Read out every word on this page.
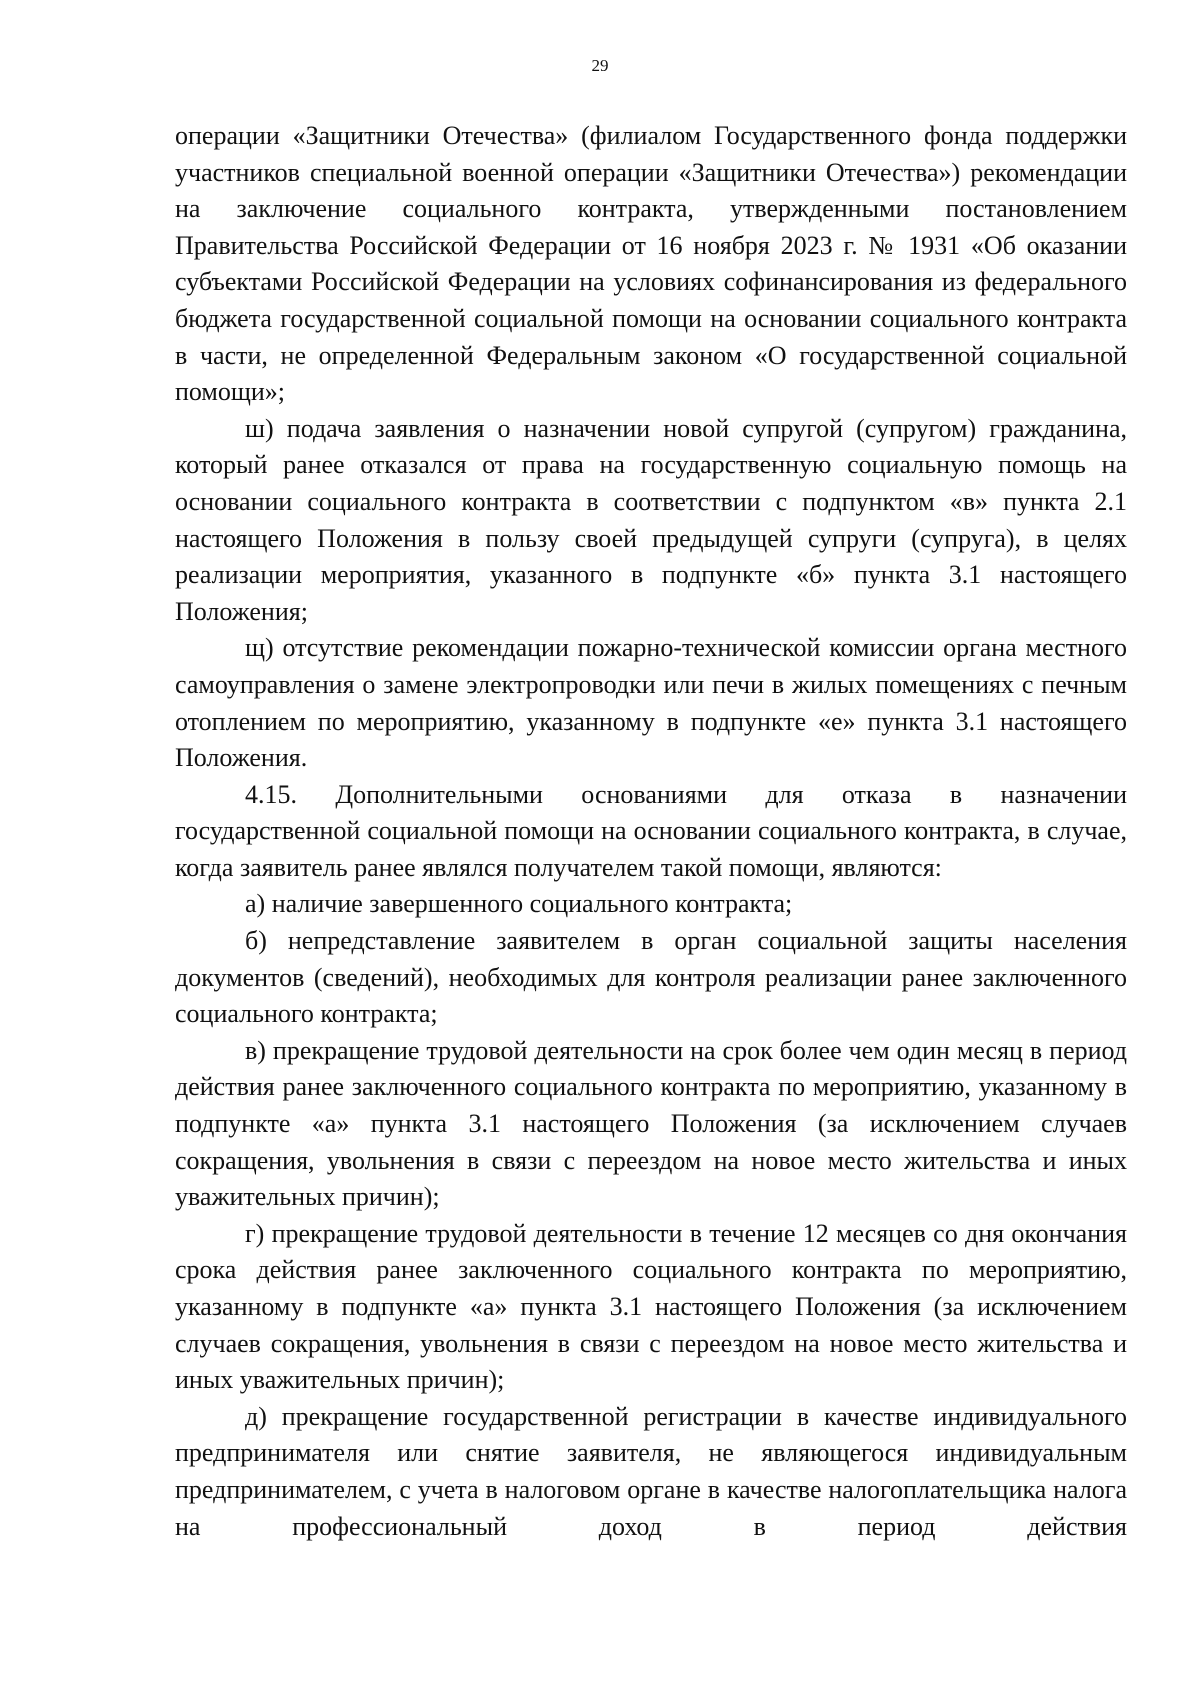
29

операции «Защитники Отечества» (филиалом Государственного фонда поддержки участников специальной военной операции «Защитники Отечества») рекомендации на заключение социального контракта, утвержденными постановлением Правительства Российской Федерации от 16 ноября 2023 г. № 1931 «Об оказании субъектами Российской Федерации на условиях софинансирования из федерального бюджета государственной социальной помощи на основании социального контракта в части, не определенной Федеральным законом «О государственной социальной помощи»;

ш) подача заявления о назначении новой супругой (супругом) гражданина, который ранее отказался от права на государственную социальную помощь на основании социального контракта в соответствии с подпунктом «в» пункта 2.1 настоящего Положения в пользу своей предыдущей супруги (супруга), в целях реализации мероприятия, указанного в подпункте «б» пункта 3.1 настоящего Положения;

щ) отсутствие рекомендации пожарно-технической комиссии органа местного самоуправления о замене электропроводки или печи в жилых помещениях с печным отоплением по мероприятию, указанному в подпункте «е» пункта 3.1 настоящего Положения.

4.15. Дополнительными основаниями для отказа в назначении государственной социальной помощи на основании социального контракта, в случае, когда заявитель ранее являлся получателем такой помощи, являются:

а) наличие завершенного социального контракта;

б) непредставление заявителем в орган социальной защиты населения документов (сведений), необходимых для контроля реализации ранее заключенного социального контракта;

в) прекращение трудовой деятельности на срок более чем один месяц в период действия ранее заключенного социального контракта по мероприятию, указанному в подпункте «а» пункта 3.1 настоящего Положения (за исключением случаев сокращения, увольнения в связи с переездом на новое место жительства и иных уважительных причин);

г) прекращение трудовой деятельности в течение 12 месяцев со дня окончания срока действия ранее заключенного социального контракта по мероприятию, указанному в подпункте «а» пункта 3.1 настоящего Положения (за исключением случаев сокращения, увольнения в связи с переездом на новое место жительства и иных уважительных причин);

д) прекращение государственной регистрации в качестве индивидуального предпринимателя или снятие заявителя, не являющегося индивидуальным предпринимателем, с учета в налоговом органе в качестве налогоплательщика налога на профессиональный доход в период действия
